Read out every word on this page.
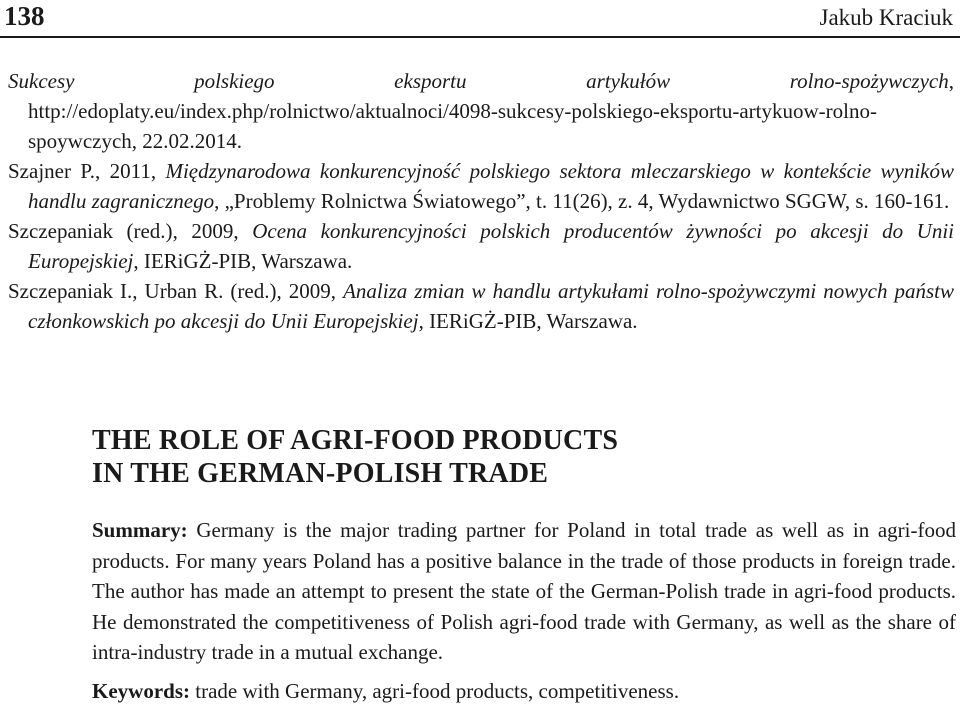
138	Jakub Kraciuk

Sukcesy polskiego eksportu artykułów rolno-spożywczych, http://edoplaty.eu/index.php/rolnictwo/aktualnoci/4098-sukcesy-polskiego-eksportu-artykuow-rolno-spoywczych, 22.02.2014.

Szajner P., 2011, Międzynarodowa konkurencyjność polskiego sektora mleczarskiego w kontekście wyników handlu zagranicznego, „Problemy Rolnictwa Światowego”, t. 11(26), z. 4, Wydawnictwo SGGW, s. 160-161.

Szczepaniak (red.), 2009, Ocena konkurencyjności polskich producentów żywności po akcesji do Unii Europejskiej, IERiGŻ-PIB, Warszawa.

Szczepaniak I., Urban R. (red.), 2009, Analiza zmian w handlu artykułami rolno-spożywczymi nowych państw członkowskich po akcesji do Unii Europejskiej, IERiGŻ-PIB, Warszawa.

THE ROLE OF AGRI-FOOD PRODUCTS
IN THE GERMAN-POLISH TRADE
Summary: Germany is the major trading partner for Poland in total trade as well as in agri-food products. For many years Poland has a positive balance in the trade of those products in foreign trade. The author has made an attempt to present the state of the German-Polish trade in agri-food products. He demonstrated the competitiveness of Polish agri-food trade with Germany, as well as the share of intra-industry trade in a mutual exchange.
Keywords: trade with Germany, agri-food products, competitiveness.
